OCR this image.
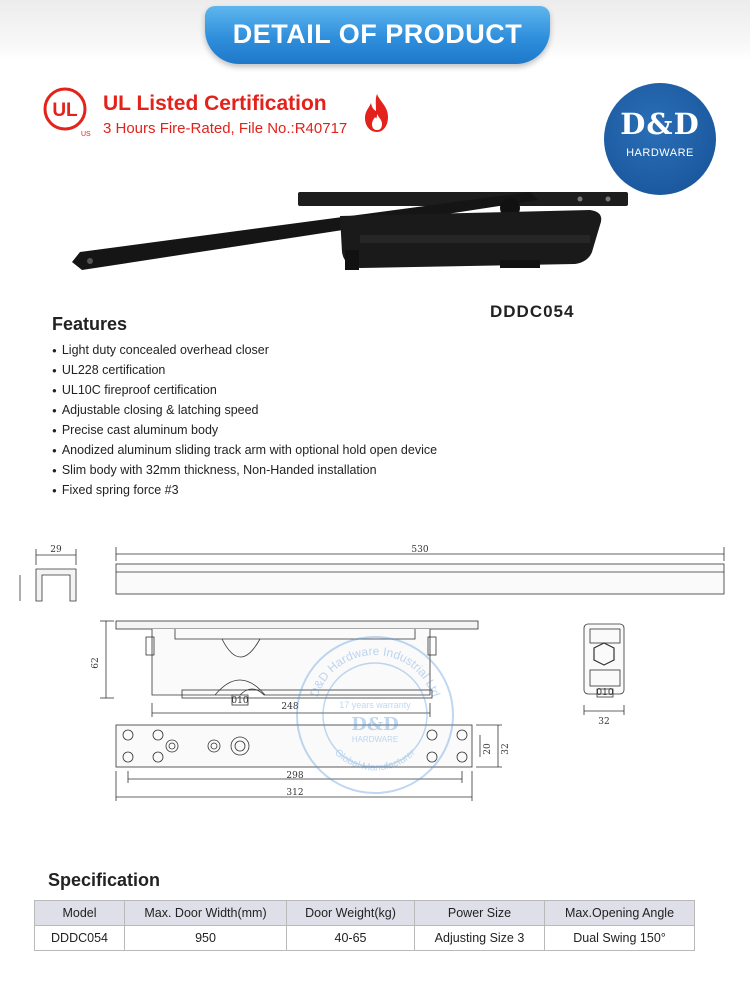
DETAIL OF PRODUCT
UL
US
UL Listed Certification
3 Hours Fire-Rated, File No.:R40717	D&D
HARDWARE
DDDC054
Features
● Light duty concealed overhead closer
● UL228 certification
● UL10C fireproof certification
● Adjustable closing & latching speed
● Precise cast aluminum body
● Anodized aluminum sliding track arm with optional hold open device
● Slim body with 32mm thickness, Non-Handed installation
● Fixed spring force #3
29	530
62
248
010
010
32
20 32
298
312
D&D Hardware Industrial Ltd
Global Manufacturer
17 years warranty
D&D
HARDWARE
Specification
Model	Max. Door Width(mm)	Door Weight(kg)	Power Size	Max.Opening Angle
DDDC054	950	40-65	Adjusting Size 3	Dual Swing 150°
